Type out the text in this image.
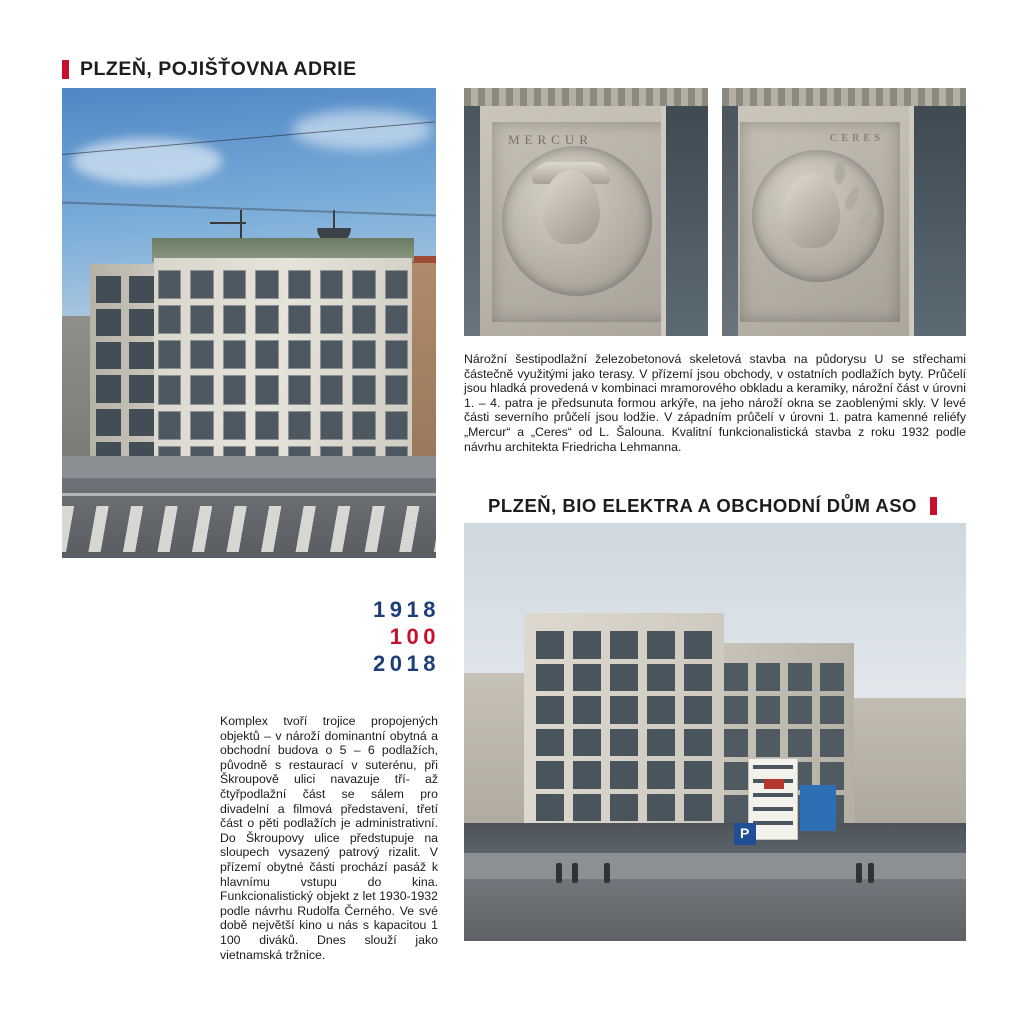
PLZEŇ, POJIŠŤOVNA ADRIE
MERCUR	CERES
Nárožní šestipodlažní železobetonová skeletová stavba na půdorysu U se střechami částečně využitými jako terasy. V přízemí jsou obchody, v ostatních podlažích byty. Průčelí jsou hladká provedená v kombinaci mramorového obkladu a keramiky, nárožní část v úrovni 1. – 4. patra je předsunuta formou arkýře, na jeho nároží okna se zaoblenými skly. V levé části severního průčelí jsou lodžie. V západním průčelí v úrovni 1. patra kamenné reliéfy „Mercur“ a „Ceres“ od L. Šalouna. Kvalitní funkcionalistická stavba z roku 1932 podle návrhu architekta Friedricha Lehmanna.
PLZEŇ, BIO ELEKTRA A OBCHODNÍ DŮM ASO
P
1918
100
2018
Komplex tvoří trojice propojených objektů – v nároží dominantní obytná a obchodní budova o 5 – 6 podlažích, původně s restaurací v suterénu, při Škroupově ulici navazuje tří- až čtyřpodlažní část se sálem pro divadelní a filmová představení, třetí část o pěti podlažích je administrativní. Do Škroupovy ulice předstupuje na sloupech vysazený patrový rizalit. V přízemí obytné části prochází pasáž k hlavnímu vstupu do kina. Funkcionalistický objekt z let 1930-1932 podle návrhu Rudolfa Černého. Ve své době největší kino u nás s kapacitou 1 100 diváků. Dnes slouží jako vietnamská tržnice.
